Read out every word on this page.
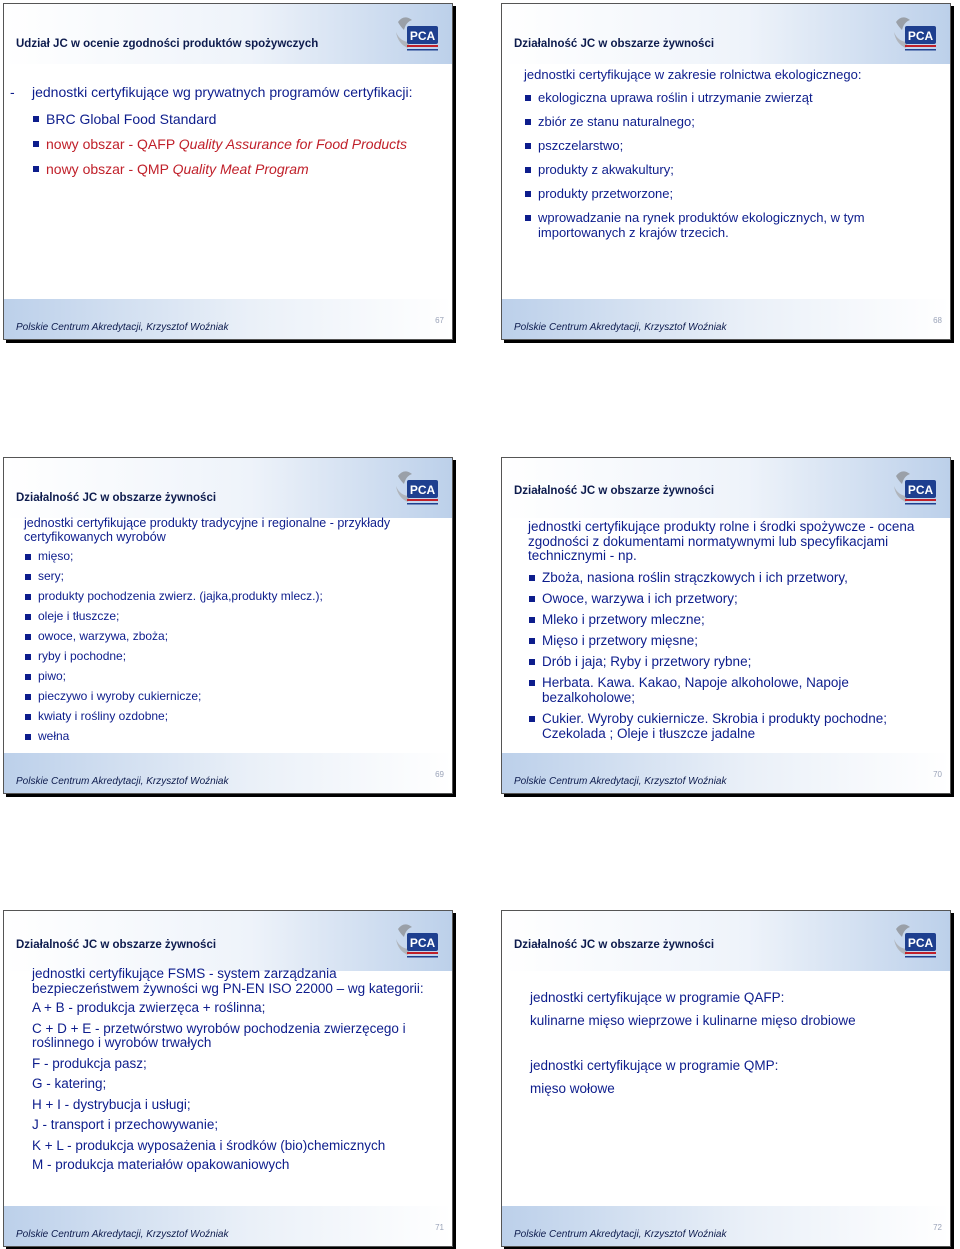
Udział JC w ocenie zgodności produktów spożywczych
PCA
- jednostki certyfikujące wg prywatnych programów certyfikacji:
BRC Global Food Standard
nowy obszar - QAFP Quality Assurance for Food Products
nowy obszar - QMP Quality Meat Program
Polskie Centrum Akredytacji, Krzysztof Woźniak
67
Działalność JC w obszarze żywności
PCA
jednostki certyfikujące w zakresie rolnictwa ekologicznego:
ekologiczna uprawa roślin i utrzymanie zwierząt
zbiór ze stanu naturalnego;
pszczelarstwo;
produkty z akwakultury;
produkty przetworzone;
wprowadzanie na rynek produktów ekologicznych, w tym importowanych z krajów trzecich.
Polskie Centrum Akredytacji, Krzysztof Woźniak
68
Działalność JC w obszarze żywności
PCA
jednostki certyfikujące produkty tradycyjne i regionalne - przykłady certyfikowanych wyrobów
mięso;
sery;
produkty pochodzenia zwierz. (jajka,produkty mlecz.);
oleje i tłuszcze;
owoce, warzywa, zboża;
ryby i pochodne;
piwo;
pieczywo i wyroby cukiernicze;
kwiaty i rośliny ozdobne;
wełna
Polskie Centrum Akredytacji, Krzysztof Woźniak
69
Działalność JC w obszarze żywności	PCA
jednostki certyfikujące produkty rolne i środki spożywcze - ocena zgodności z dokumentami normatywnymi lub specyfikacjami technicznymi - np.
Zboża, nasiona roślin strączkowych i ich przetwory,
Owoce, warzywa i ich przetwory;
Mleko i przetwory mleczne;
Mięso i przetwory mięsne;
Drób i jaja; Ryby i przetwory rybne;
Herbata. Kawa. Kakao, Napoje alkoholowe, Napoje bezalkoholowe;
Cukier. Wyroby cukiernicze. Skrobia i produkty pochodne; Czekolada ; Oleje i tłuszcze jadalne
Polskie Centrum Akredytacji, Krzysztof Woźniak
70
Działalność JC w obszarze żywności	PCA
jednostki certyfikujące FSMS - system zarządzania bezpieczeństwem żywności wg PN-EN ISO 22000 – wg kategorii:
A + B - produkcja zwierzęca + roślinna;
C + D + E - przetwórstwo wyrobów pochodzenia zwierzęcego i roślinnego i wyrobów trwałych
F - produkcja pasz;
G - katering;
H + I - dystrybucja i usługi;
J - transport i przechowywanie;
K + L - produkcja wyposażenia i środków (bio)chemicznych
M - produkcja materiałów opakowaniowych
Polskie Centrum Akredytacji, Krzysztof Woźniak
71
Działalność JC w obszarze żywności	PCA

jednostki certyfikujące w programie QAFP:

kulinarne mięso wieprzowe i kulinarne mięso drobiowe

jednostki certyfikujące w programie QMP:

mięso wołowe

Polskie Centrum Akredytacji, Krzysztof Woźniak
72
